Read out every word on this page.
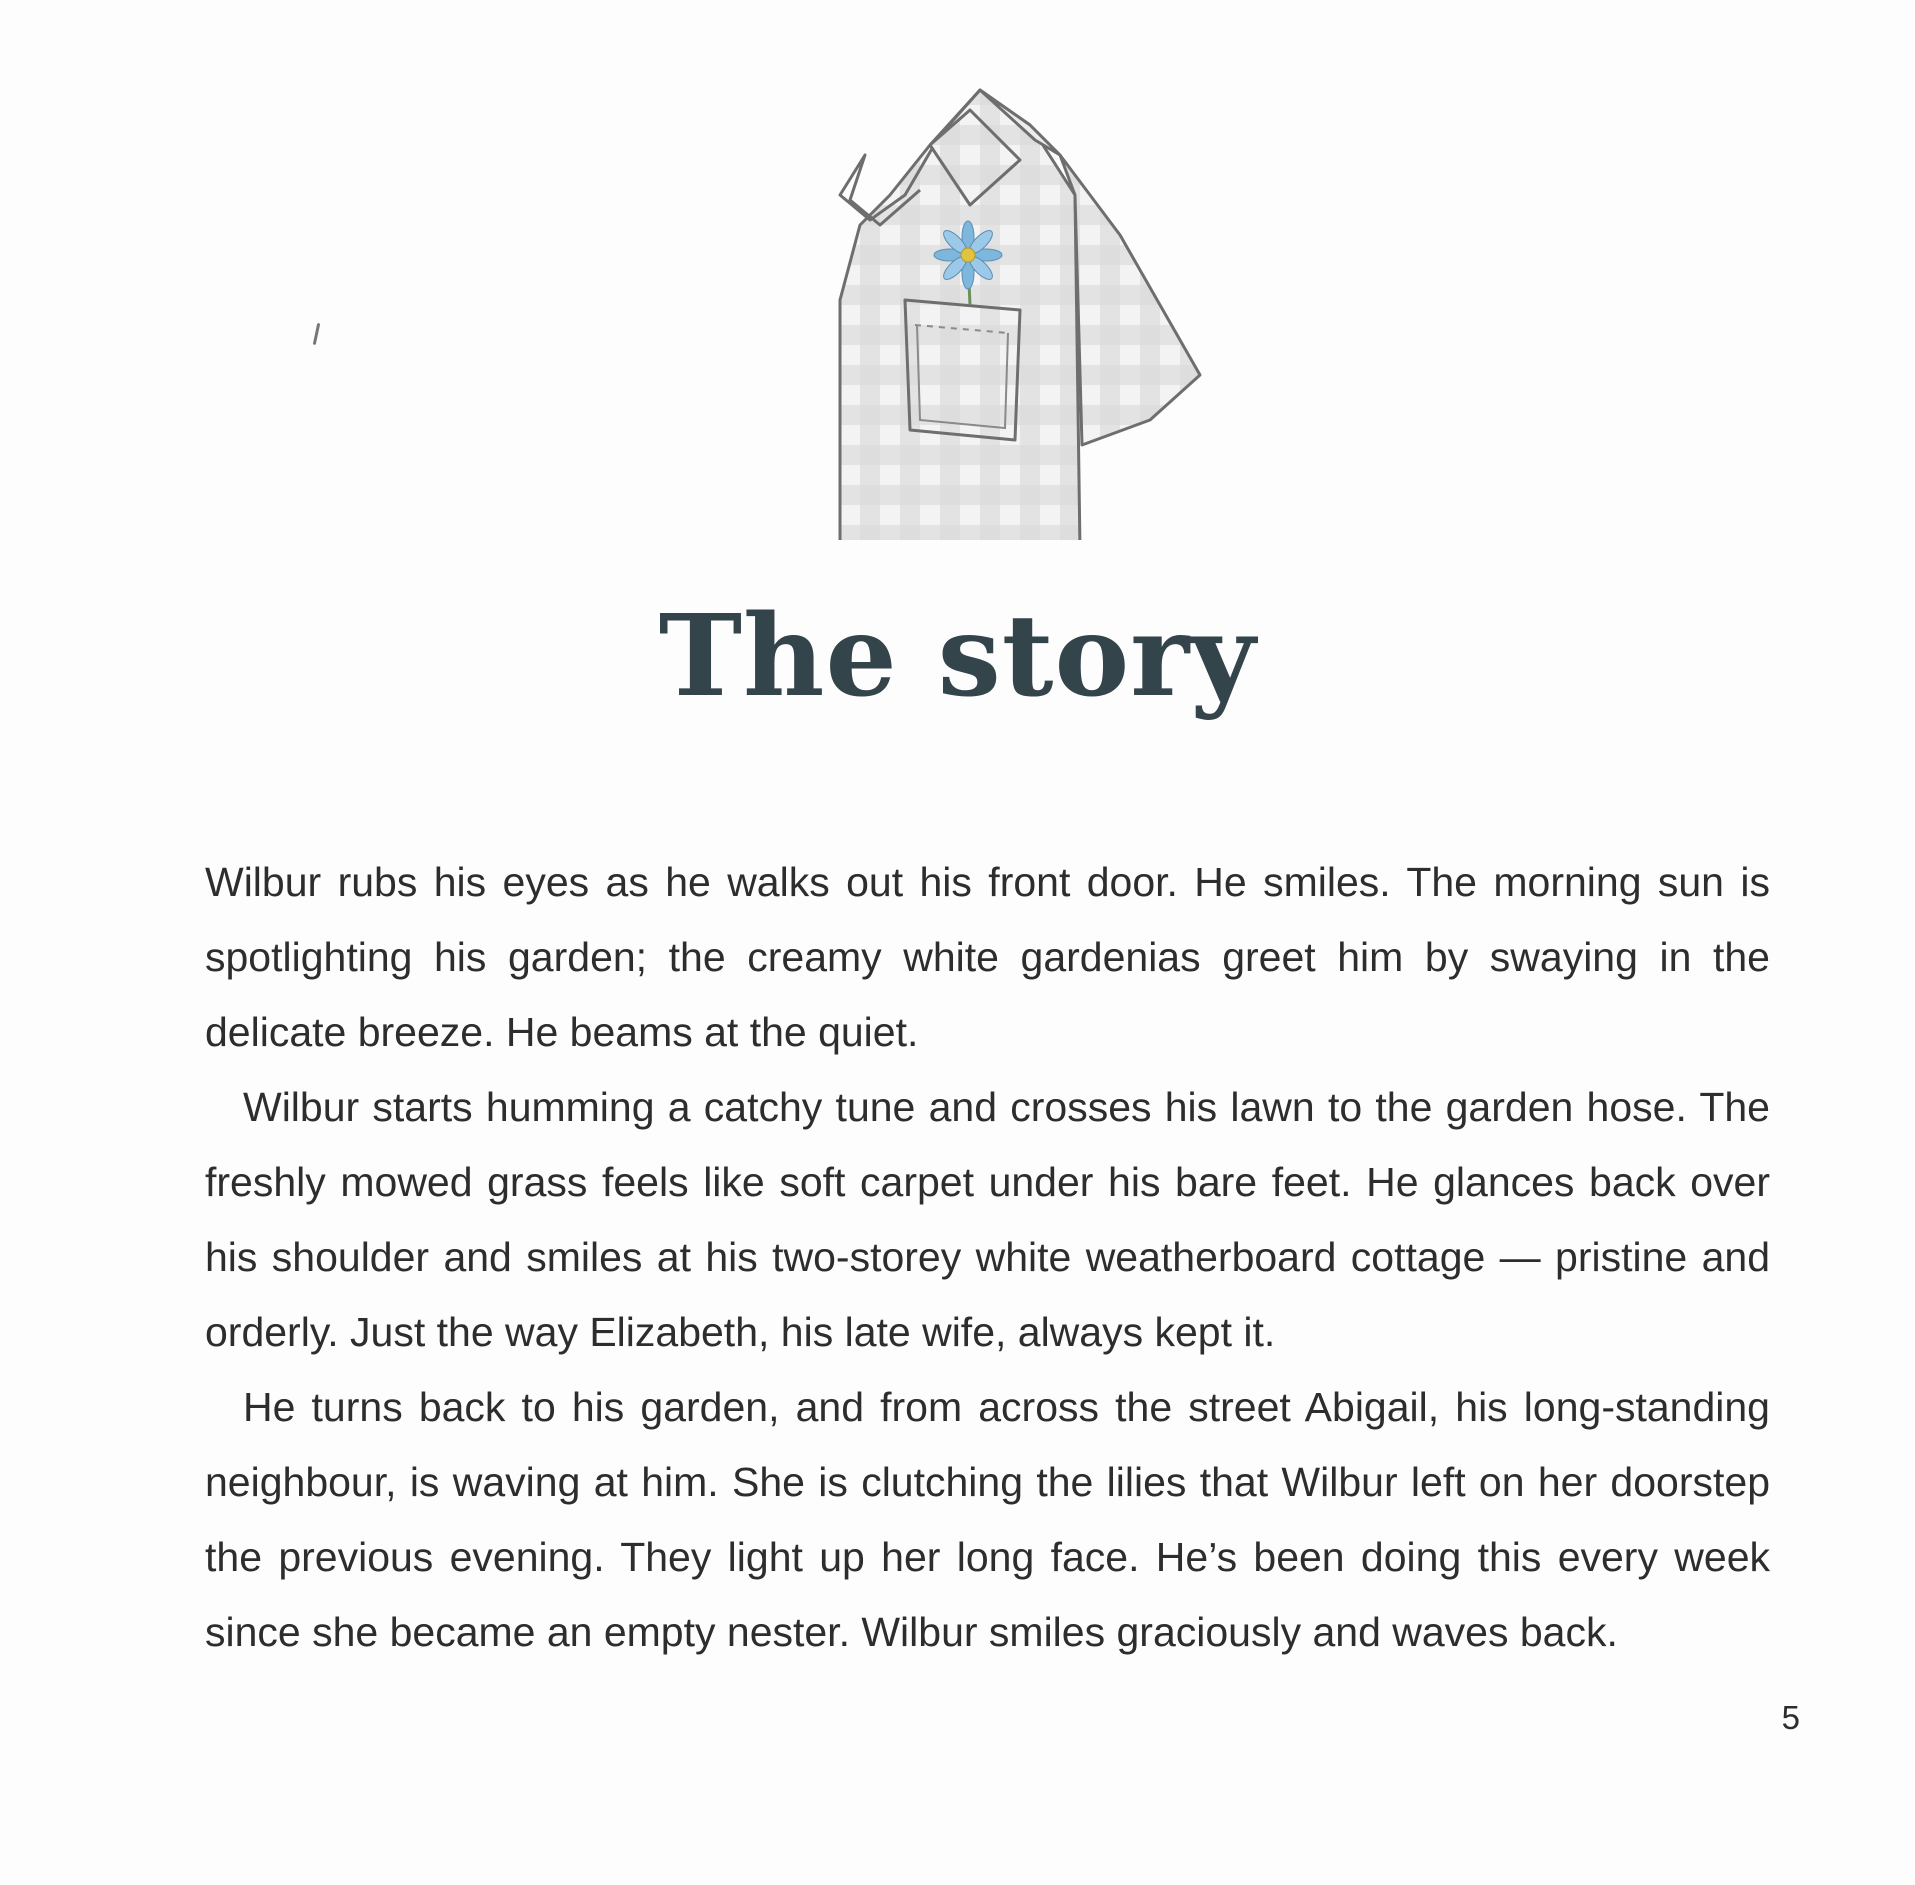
The story

Wilbur rubs his eyes as he walks out his front door. He smiles. The morning sun is spotlighting his garden; the creamy white gardenias greet him by swaying in the delicate breeze. He beams at the quiet.

Wilbur starts humming a catchy tune and crosses his lawn to the garden hose. The freshly mowed grass feels like soft carpet under his bare feet. He glances back over his shoulder and smiles at his two-storey white weatherboard cottage — pristine and orderly. Just the way Elizabeth, his late wife, always kept it.

He turns back to his garden, and from across the street Abigail, his long-standing neighbour, is waving at him. She is clutching the lilies that Wilbur left on her doorstep the previous evening. They light up her long face. He’s been doing this every week since she became an empty nester. Wilbur smiles graciously and waves back.

5
